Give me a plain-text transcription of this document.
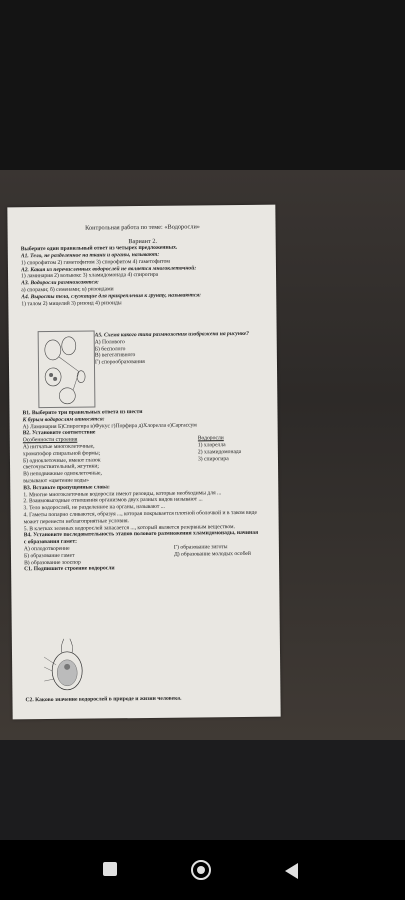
Контрольная работа по теме: «Водоросли»
Вариант 2.

Выберите один правильный ответ из четырех предложенных.

А1. Тело, не разделенное на ткани и органы, называют:

1) спорофитом 2) гаметофитом 3) спорофитом 4) гаметофитом

А2. Какая из перечисленных водорослей не является многоклеточной:

1) ламинария 2) вольвокс 3) хламидомонада 4) спирогира

А3. Водоросли размножаются:

а) спорами; б) семенами; в) ризоидами

А4. Выросты тела, служащие для прикрепления к грунту, называются:

1) талом 2) мицелий 3) ризоид 4) ризоиды

А5. Схема какого типа размножения изображена на рисунке?

А) Полового

Б) бесполого

В) вегетативного

Г) спорообразования

В1. Выберите три правильных ответа из шести

К бурым водорослям относятся:

А) Ламинария Б)Спирогира в)Фукус г)Порфира д)Хлорелла е)Саргассум

В2. Установите соответствие

Особенности строения

А) нитчатые многоклеточные,

хроматофор спиральной формы;

Б) одноклеточные, имеют глазок

светочувствительный, жгутики;

В) неподвижные одноклеточные,

вызывают «цветение воды»

Водоросли

1) хлорелла

2) хламидомонада

3) спирогира

В3. Вставьте пропущенные слова:

1. Многие многоклеточные водоросли имеют ризоиды, которые необходимы для ...

2. Взаимовыгодные отношения организмов двух разных видов называют ...

3. Тело водорослей, не разделенное на органы, называют ...

4. Гаметы попарно сливаются, образуя ..., которая покрывается плотной оболочкой и в таком виде

может перенести неблагоприятные условия.

5. В клетках зеленых водорослей запасается ..., который является резервным веществом.

В4. Установите последовательность этапов полового размножения хламидомонады, начиная

с образования гамет:

А) оплодотворение

Б) образование гамет

В) образование зооспор

Г) образование зиготы

Д) образование молодых особей

С1. Подпишите строение водоросли

С2. Каково значение водорослей в природе и жизни человека.
